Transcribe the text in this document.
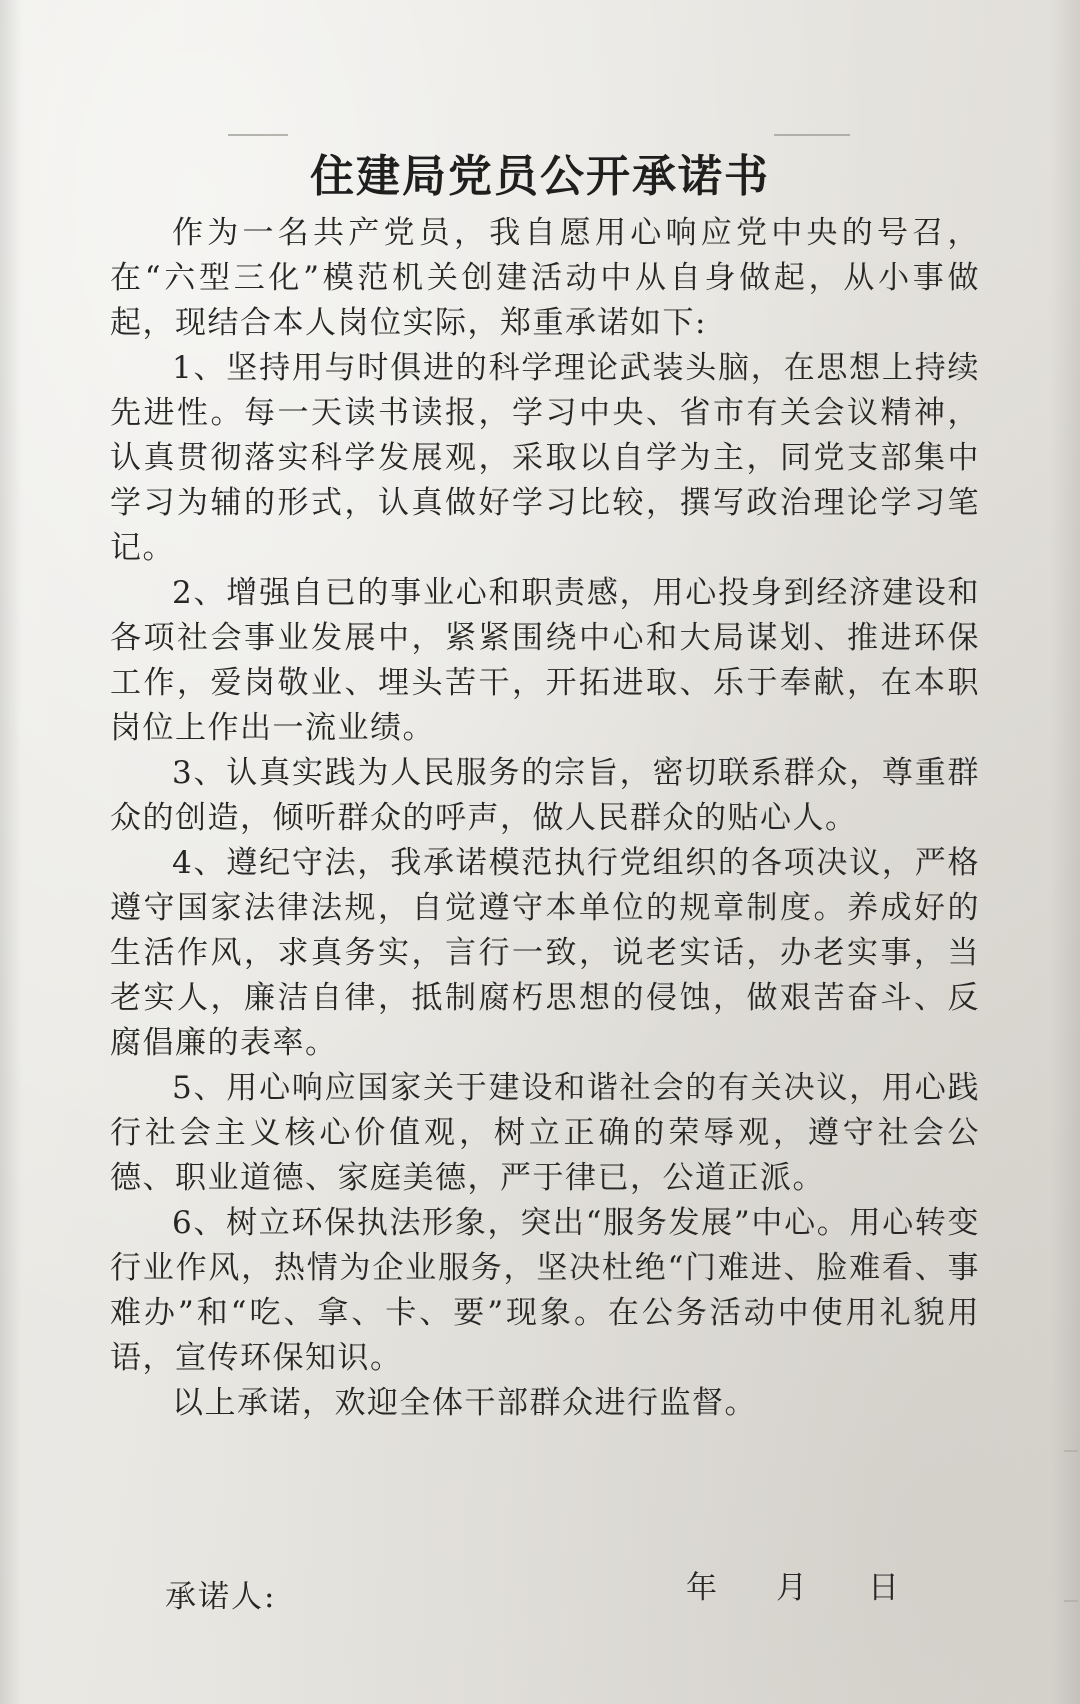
住建局党员公开承诺书

作为一名共产党员，我自愿用心响应党中央的号召，在“六型三化”模范机关创建活动中从自身做起，从小事做起，现结合本人岗位实际，郑重承诺如下:

1、坚持用与时俱进的科学理论武装头脑，在思想上持续先进性。每一天读书读报，学习中央、省市有关会议精神，认真贯彻落实科学发展观，采取以自学为主，同党支部集中学习为辅的形式，认真做好学习比较，撰写政治理论学习笔记。

2、增强自已的事业心和职责感，用心投身到经济建设和各项社会事业发展中，紧紧围绕中心和大局谋划、推进环保工作，爱岗敬业、埋头苦干，开拓进取、乐于奉献，在本职岗位上作出一流业绩。

3、认真实践为人民服务的宗旨，密切联系群众，尊重群众的创造，倾听群众的呼声，做人民群众的贴心人。

4、遵纪守法，我承诺模范执行党组织的各项决议，严格遵守国家法律法规，自觉遵守本单位的规章制度。养成好的生活作风，求真务实，言行一致，说老实话，办老实事，当老实人，廉洁自律，抵制腐朽思想的侵蚀，做艰苦奋斗、反腐倡廉的表率。

5、用心响应国家关于建设和谐社会的有关决议，用心践行社会主义核心价值观，树立正确的荣辱观，遵守社会公德、职业道德、家庭美德，严于律已，公道正派。

6、树立环保执法形象，突出“服务发展”中心。用心转变行业作风，热情为企业服务，坚决杜绝“门难进、脸难看、事难办”和“吃、拿、卡、要”现象。在公务活动中使用礼貌用语，宣传环保知识。

以上承诺，欢迎全体干部群众进行监督。

承诺人:	年 月 日
